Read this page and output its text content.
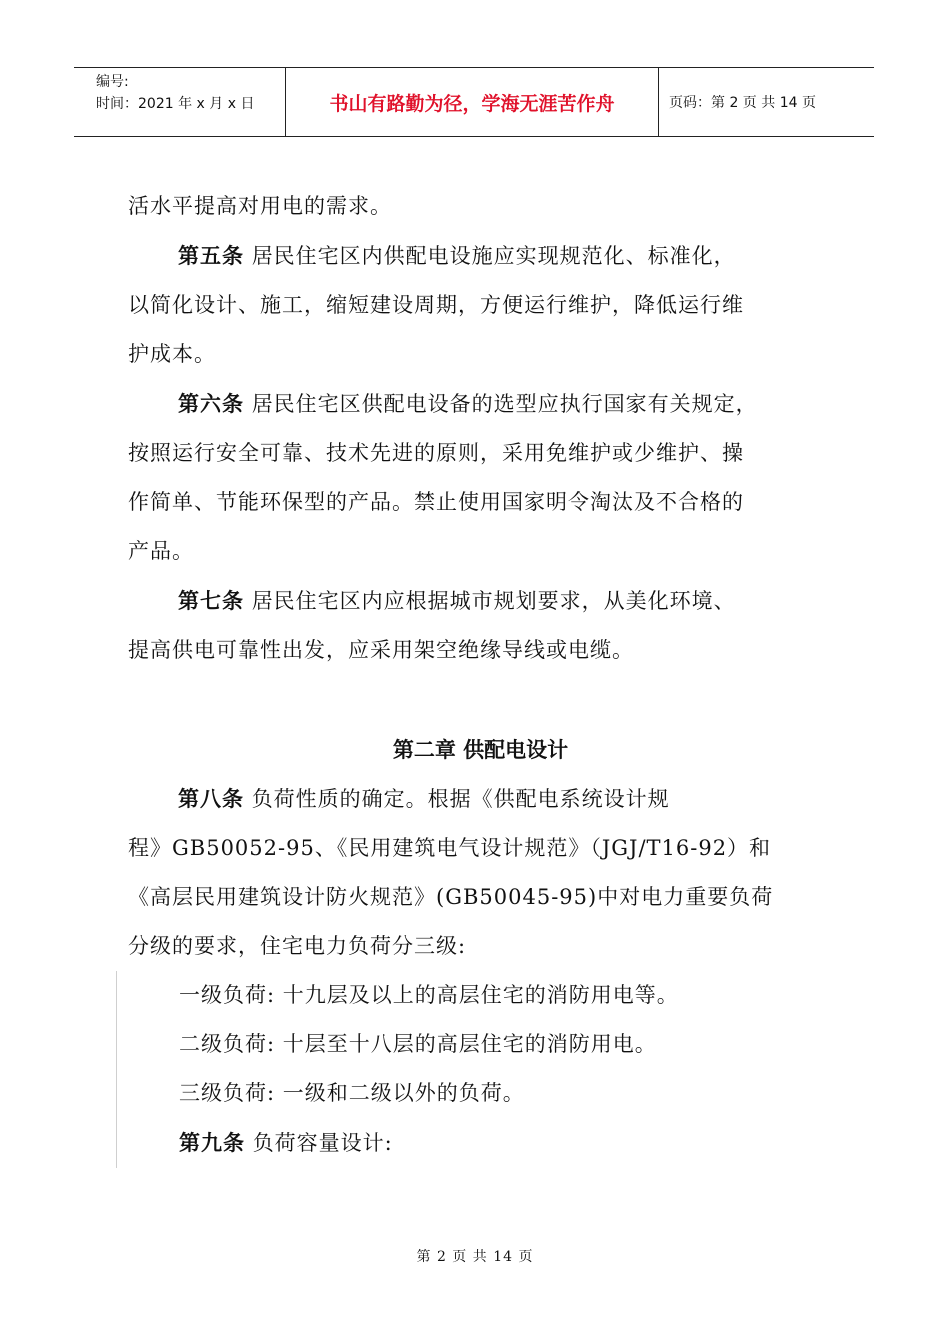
编号:
时间：2021 年 x 月 x 日	书山有路勤为径，学海无涯苦作舟	页码：第 2 页 共 14 页

活水平提高对用电的需求。

第五条 居民住宅区内供配电设施应实现规范化、标准化，

以简化设计、施工，缩短建设周期，方便运行维护，降低运行维

护成本。

第六条 居民住宅区供配电设备的选型应执行国家有关规定，

按照运行安全可靠、技术先进的原则，采用免维护或少维护、操

作简单、节能环保型的产品。禁止使用国家明令淘汰及不合格的

产品。

第七条 居民住宅区内应根据城市规划要求，从美化环境、

提高供电可靠性出发，应采用架空绝缘导线或电缆。

第二章 供配电设计

第八条 负荷性质的确定。根据《供配电系统设计规

程》GB50052-95、《民用建筑电气设计规范》（JGJ/T16-92）和

《高层民用建筑设计防火规范》(GB50045-95)中对电力重要负荷

分级的要求，住宅电力负荷分三级:

一级负荷: 十九层及以上的高层住宅的消防用电等。

二级负荷: 十层至十八层的高层住宅的消防用电。

三级负荷: 一级和二级以外的负荷。

第九条 负荷容量设计:

第 2 页 共 14 页
